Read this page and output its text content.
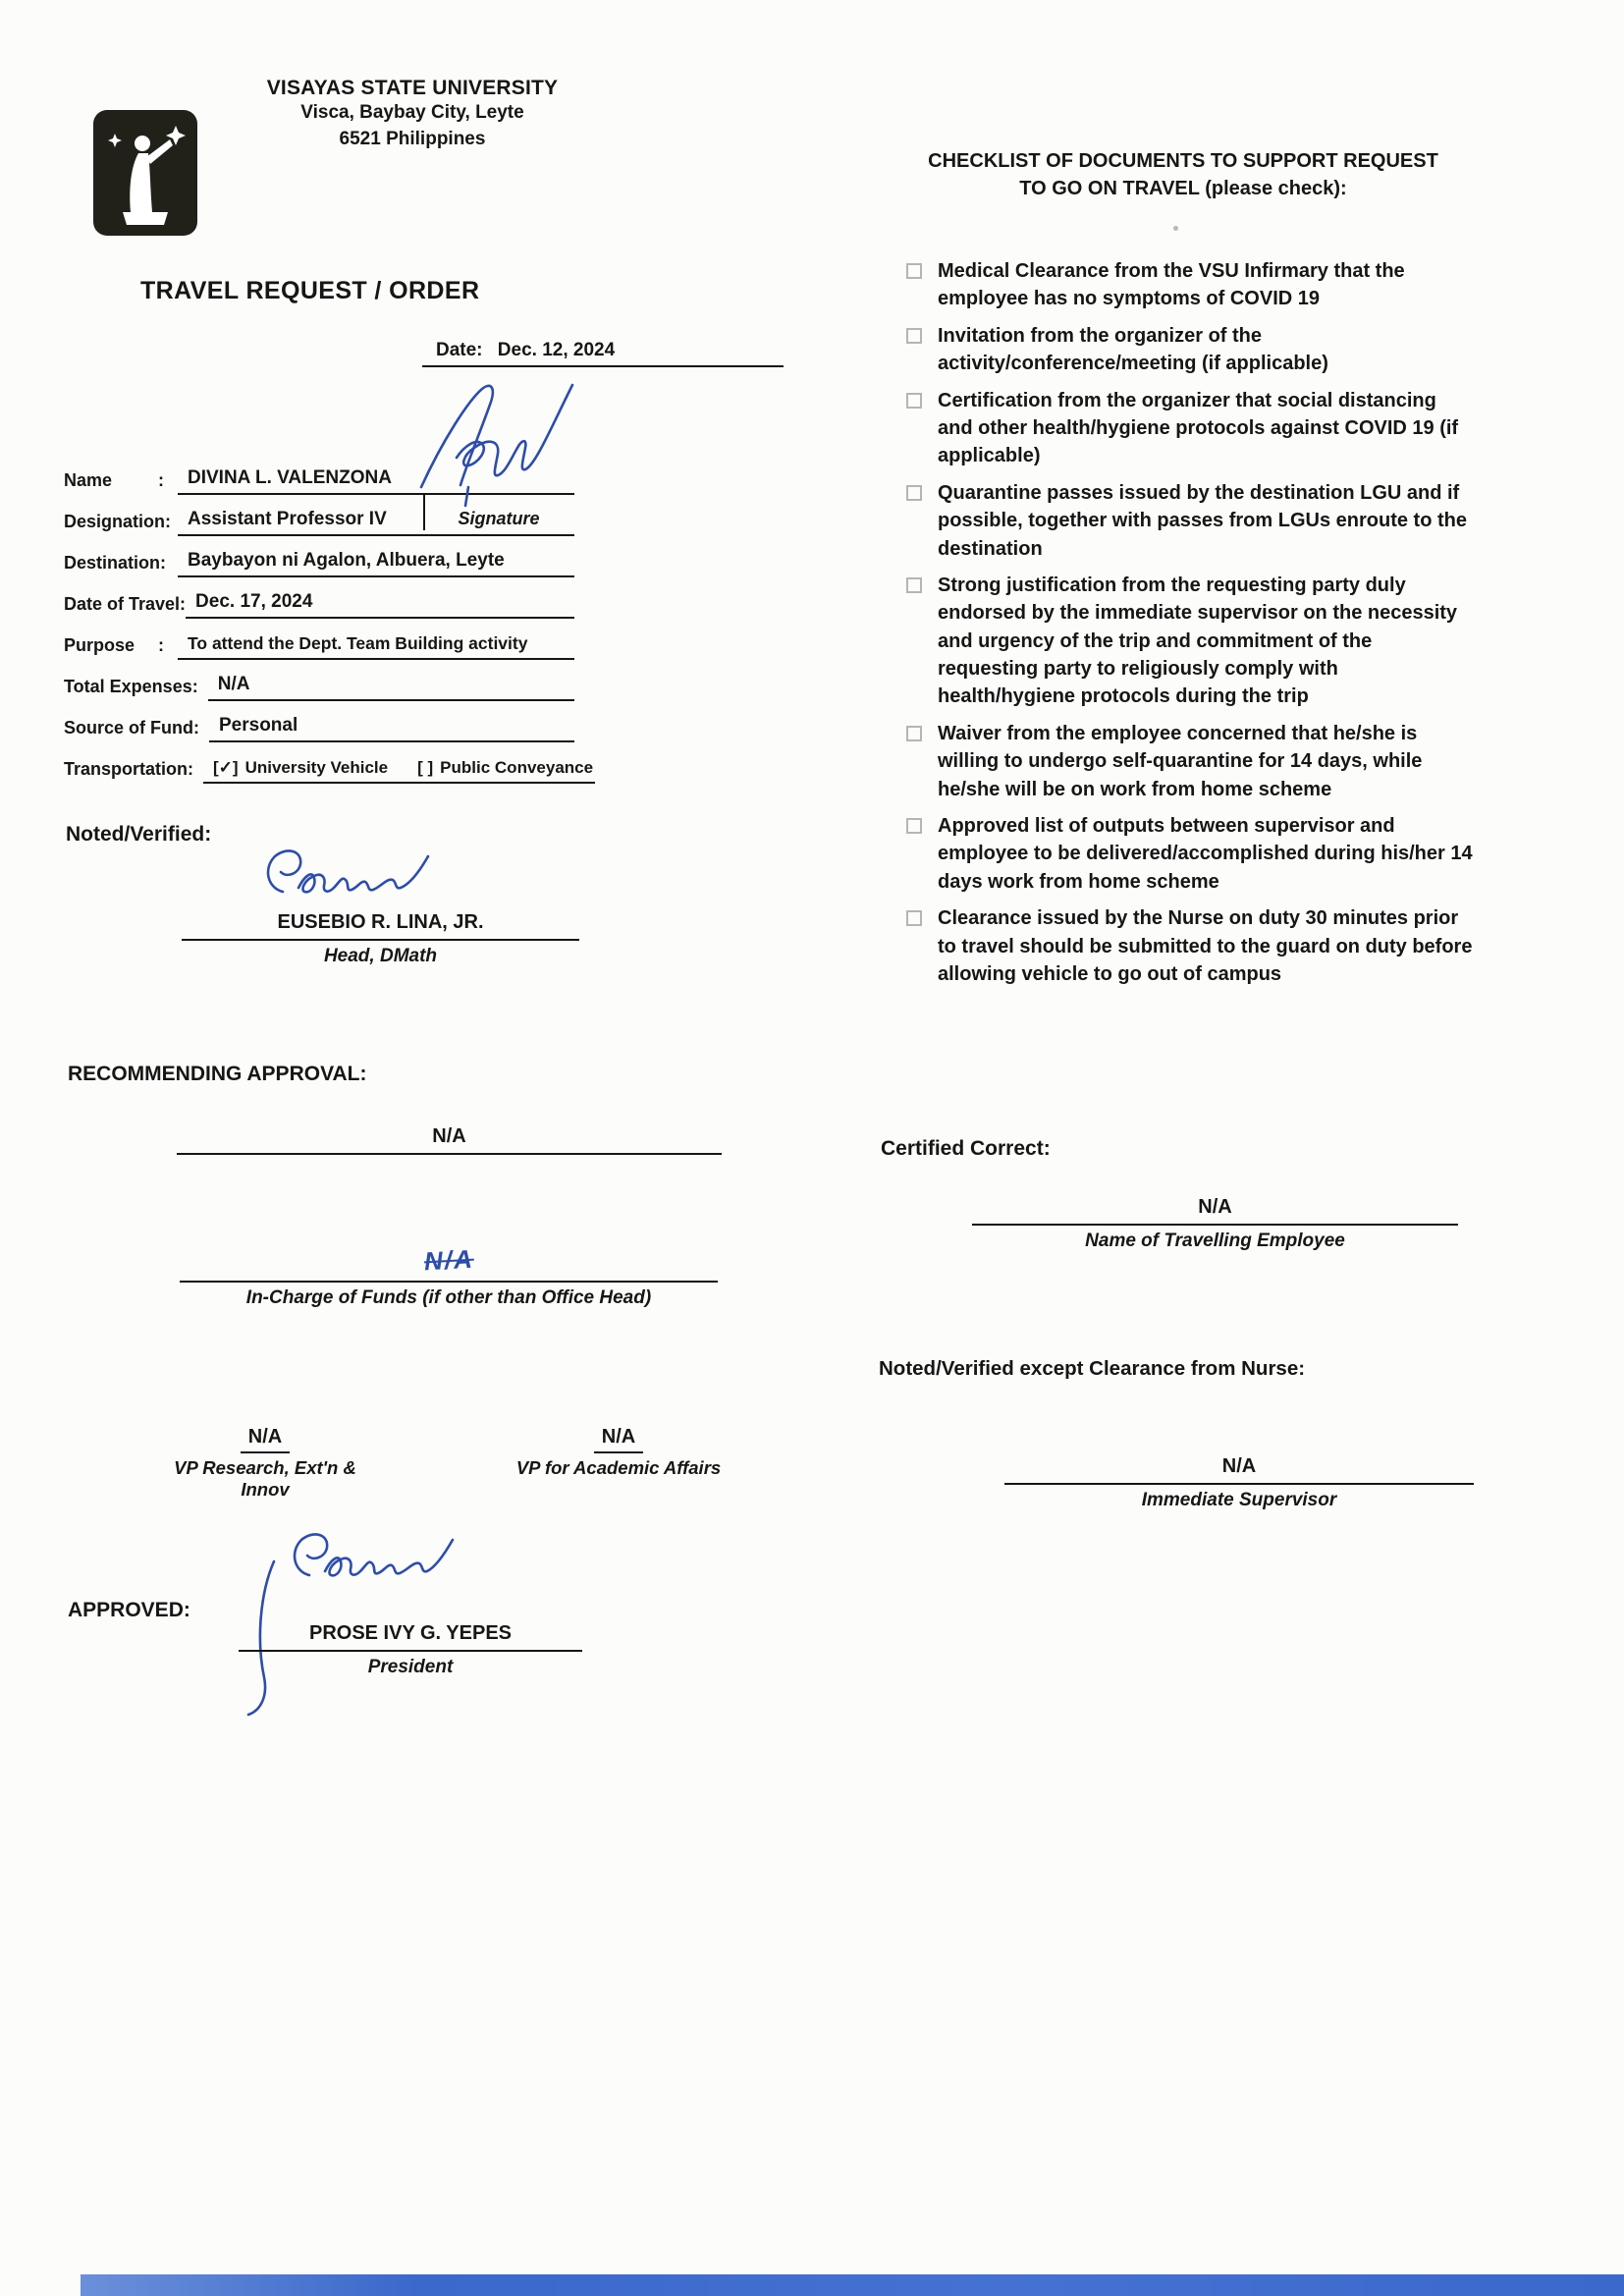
VISAYAS STATE UNIVERSITY
Visca, Baybay City, Leyte
6521 Philippines
TRAVEL REQUEST / ORDER
Date: Dec. 12, 2024
Name	:	DIVINA L. VALENZONA
Designation : Assistant Professor IV	Signature
Destination :	Baybayon ni Agalon, Albuera, Leyte
Date of Travel : Dec. 17, 2024
Purpose	:	To attend the Dept. Team Building activity
Total Expenses:	N/A
Source of Fund:	Personal
Transportation: [✓] University Vehicle [ ] Public Conveyance
Noted/Verified:
EUSEBIO R. LINA, JR.
Head, DMath
RECOMMENDING APPROVAL:
N/A
N/A
In-Charge of Funds (if other than Office Head)
N/A
VP Research, Ext'n & Innov
N/A
VP for Academic Affairs
APPROVED:
PROSE IVY G. YEPES
President
CHECKLIST OF DOCUMENTS TO SUPPORT REQUEST
TO GO ON TRAVEL (please check):
Medical Clearance from the VSU Infirmary that the employee has no symptoms of COVID 19
Invitation from the organizer of the activity/conference/meeting (if applicable)
Certification from the organizer that social distancing and other health/hygiene protocols against COVID 19 (if applicable)
Quarantine passes issued by the destination LGU and if possible, together with passes from LGUs enroute to the destination
Strong justification from the requesting party duly endorsed by the immediate supervisor on the necessity and urgency of the trip and commitment of the requesting party to religiously comply with health/hygiene protocols during the trip
Waiver from the employee concerned that he/she is willing to undergo self-quarantine for 14 days, while he/she will be on work from home scheme
Approved list of outputs between supervisor and employee to be delivered/accomplished during his/her 14 days work from home scheme
Clearance issued by the Nurse on duty 30 minutes prior to travel should be submitted to the guard on duty before allowing vehicle to go out of campus
Certified Correct:
N/A
Name of Travelling Employee
Noted/Verified except Clearance from Nurse:
N/A
Immediate Supervisor
